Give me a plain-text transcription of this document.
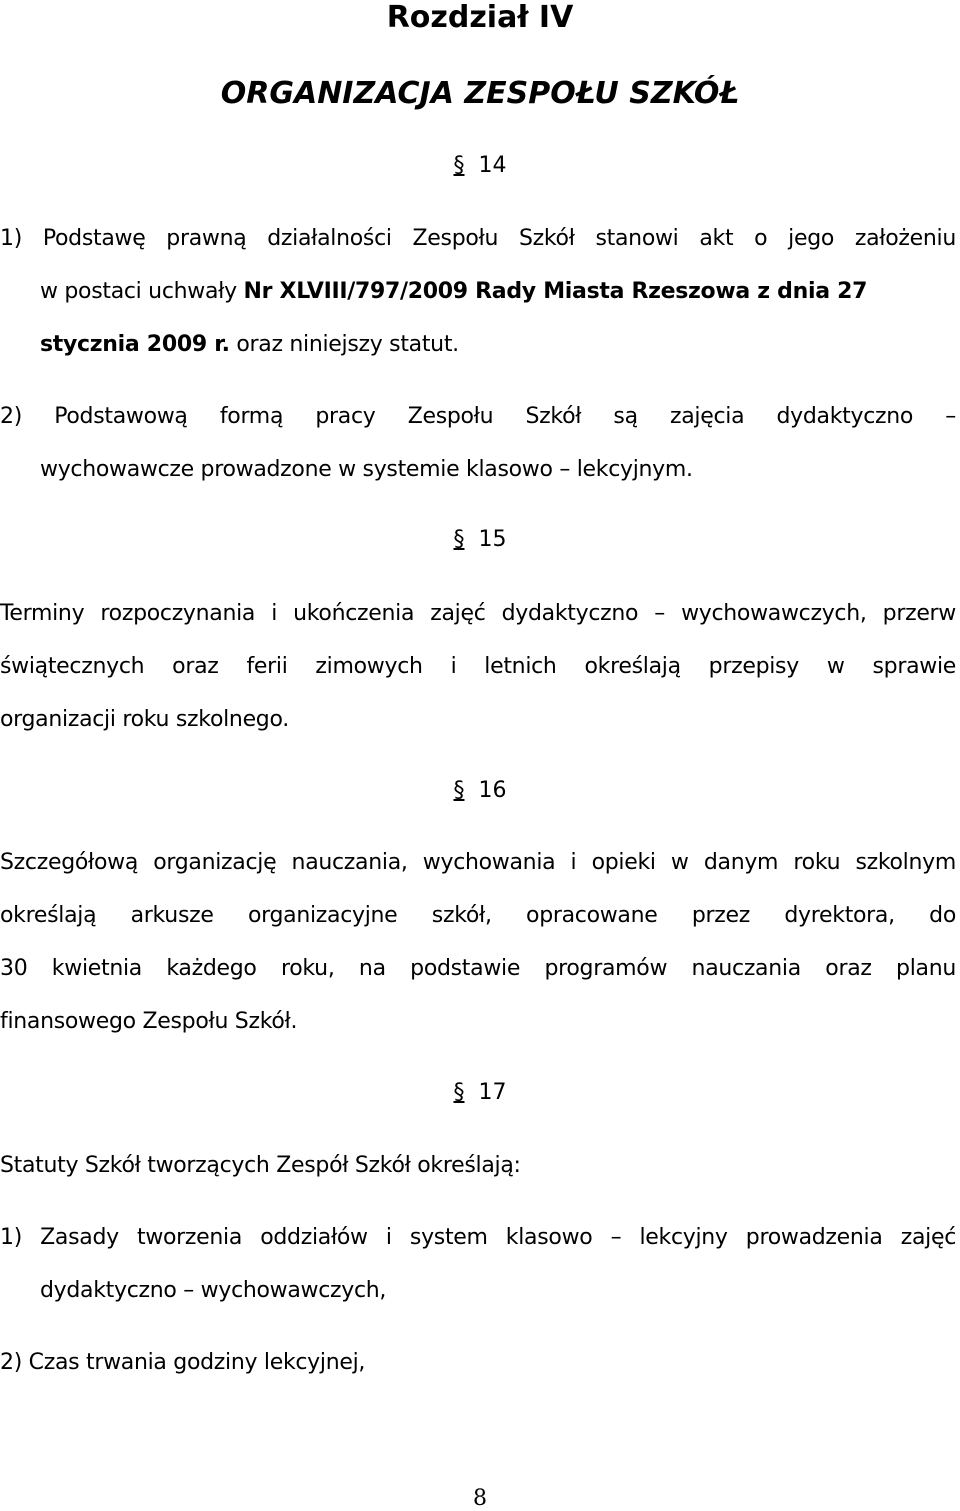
Rozdział IV
ORGANIZACJA ZESPOŁU SZKÓŁ
§ 14
1) Podstawę prawną działalności Zespołu Szkół stanowi akt o jego założeniu
w postaci uchwały Nr XLVIII/797/2009 Rady Miasta Rzeszowa z dnia 27
stycznia 2009 r. oraz niniejszy statut.
2) Podstawową formą pracy Zespołu Szkół są zajęcia dydaktyczno –
wychowawcze prowadzone w systemie klasowo – lekcyjnym.
§ 15
Terminy rozpoczynania i ukończenia zajęć dydaktyczno – wychowawczych, przerw
świątecznych oraz ferii zimowych i letnich określają przepisy w sprawie
organizacji roku szkolnego.
§ 16
Szczegółową organizację nauczania, wychowania i opieki w danym roku szkolnym
określają arkusze organizacyjne szkół, opracowane przez dyrektora, do
30 kwietnia każdego roku, na podstawie programów nauczania oraz planu
finansowego Zespołu Szkół.
§ 17
Statuty Szkół tworzących Zespół Szkół określają:
1) Zasady tworzenia oddziałów i system klasowo – lekcyjny prowadzenia zajęć
dydaktyczno – wychowawczych,
2) Czas trwania godziny lekcyjnej,
8
